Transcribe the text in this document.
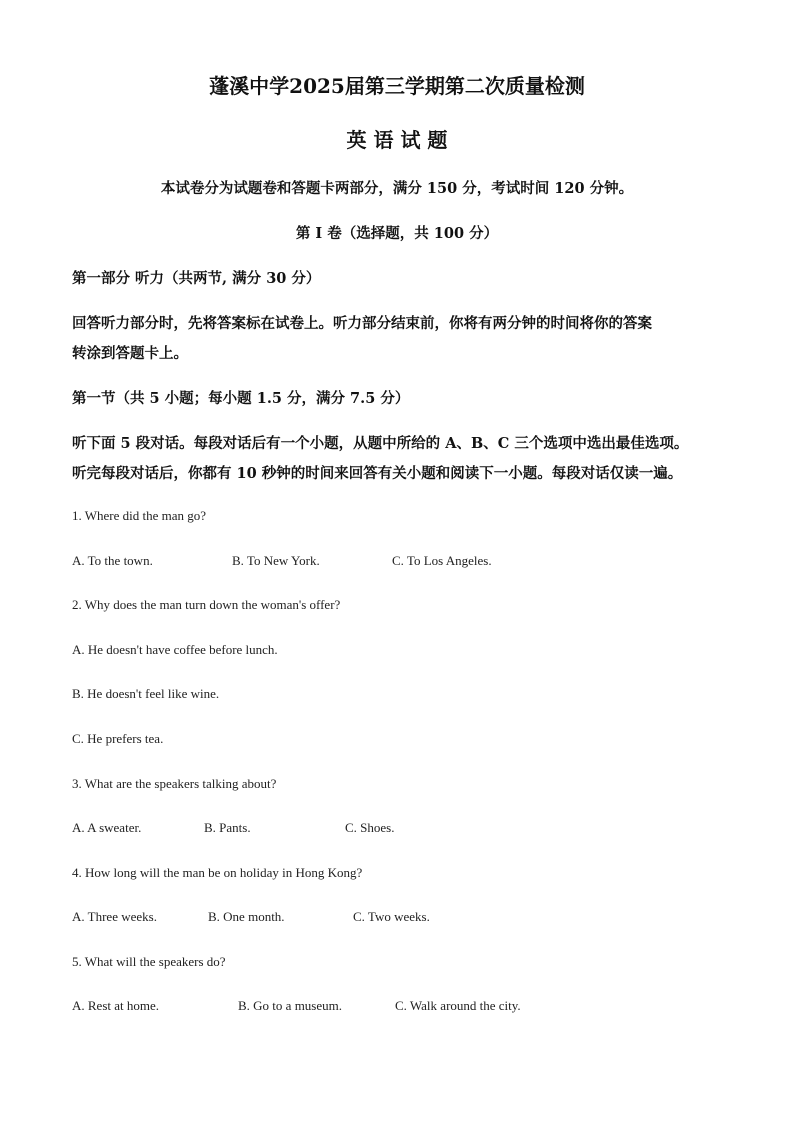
蓬溪中学2025届第三学期第二次质量检测
英 语 试 题
本试卷分为试题卷和答题卡两部分，满分 150 分，考试时间 120 分钟。
第 I 卷（选择题，共 100 分）
第一部分 听力（共两节, 满分 30 分）
回答听力部分时，先将答案标在试卷上。听力部分结束前，你将有两分钟的时间将你的答案
转涂到答题卡上。
第一节（共 5 小题；每小题 1.5 分，满分 7.5 分）
听下面 5 段对话。每段对话后有一个小题，从题中所给的 A、B、C 三个选项中选出最佳选项。
听完每段对话后，你都有 10 秒钟的时间来回答有关小题和阅读下一小题。每段对话仅读一遍。
1. Where did the man go?
A. To the town.	B. To New York.	C. To Los Angeles.
2. Why does the man turn down the woman's offer?
A. He doesn't have coffee before lunch.
B. He doesn't feel like wine.
C. He prefers tea.
3. What are the speakers talking about?
A. A sweater.	B. Pants.	C. Shoes.
4. How long will the man be on holiday in Hong Kong?
A. Three weeks.	B. One month.	C. Two weeks.
5. What will the speakers do?
A. Rest at home.	B. Go to a museum.	C. Walk around the city.
